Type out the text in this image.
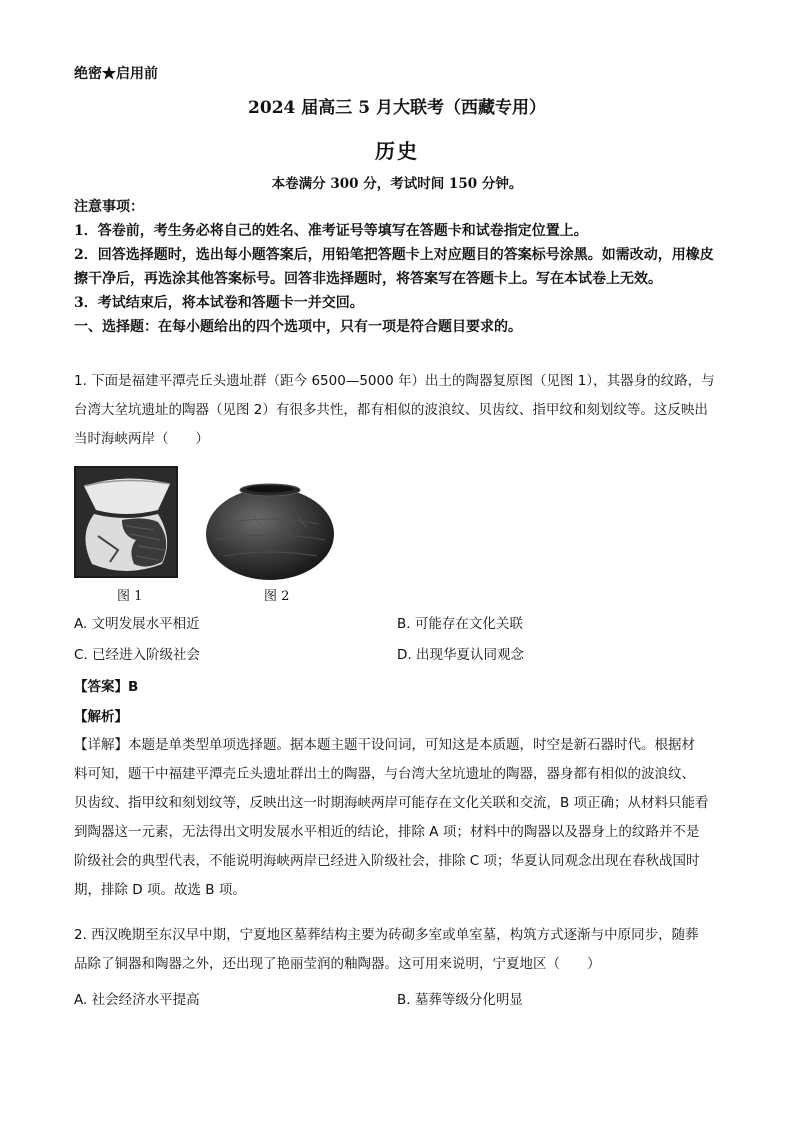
绝密★启用前
2024 届高三 5 月大联考（西藏专用）
历史
本卷满分 300 分，考试时间 150 分钟。
注意事项：
1．答卷前，考生务必将自己的姓名、准考证号等填写在答题卡和试卷指定位置上。
2．回答选择题时，选出每小题答案后，用铅笔把答题卡上对应题目的答案标号涂黑。如需改动，用橡皮擦干净后，再选涂其他答案标号。回答非选择题时，将答案写在答题卡上。写在本试卷上无效。
3．考试结束后，将本试卷和答题卡一并交回。
一、选择题：在每小题给出的四个选项中，只有一项是符合题目要求的。

1. 下面是福建平潭壳丘头遗址群（距今 6500—5000 年）出土的陶器复原图（见图 1），其器身的纹路，与

台湾大坌坑遗址的陶器（见图 2）有很多共性，都有相似的波浪纹、贝齿纹、指甲纹和刻划纹等。这反映出

当时海峡两岸（　　）

图 1	图 2
A. 文明发展水平相近	B. 可能存在文化关联
C. 已经进入阶级社会	D. 出现华夏认同观念
【答案】B
【解析】

【详解】本题是单类型单项选择题。据本题主题干设问词，可知这是本质题，时空是新石器时代。根据材

料可知，题干中福建平潭壳丘头遗址群出土的陶器，与台湾大坌坑遗址的陶器，器身都有相似的波浪纹、

贝齿纹、指甲纹和刻划纹等，反映出这一时期海峡两岸可能存在文化关联和交流，B 项正确；从材料只能看

到陶器这一元素，无法得出文明发展水平相近的结论，排除 A 项；材料中的陶器以及器身上的纹路并不是

阶级社会的典型代表，不能说明海峡两岸已经进入阶级社会，排除 C 项；华夏认同观念出现在春秋战国时

期，排除 D 项。故选 B 项。

2. 西汉晚期至东汉早中期，宁夏地区墓葬结构主要为砖砌多室或单室墓，构筑方式逐渐与中原同步，随葬

品除了铜器和陶器之外，还出现了艳丽莹润的釉陶器。这可用来说明，宁夏地区（　　）

A. 社会经济水平提高	B. 墓葬等级分化明显
